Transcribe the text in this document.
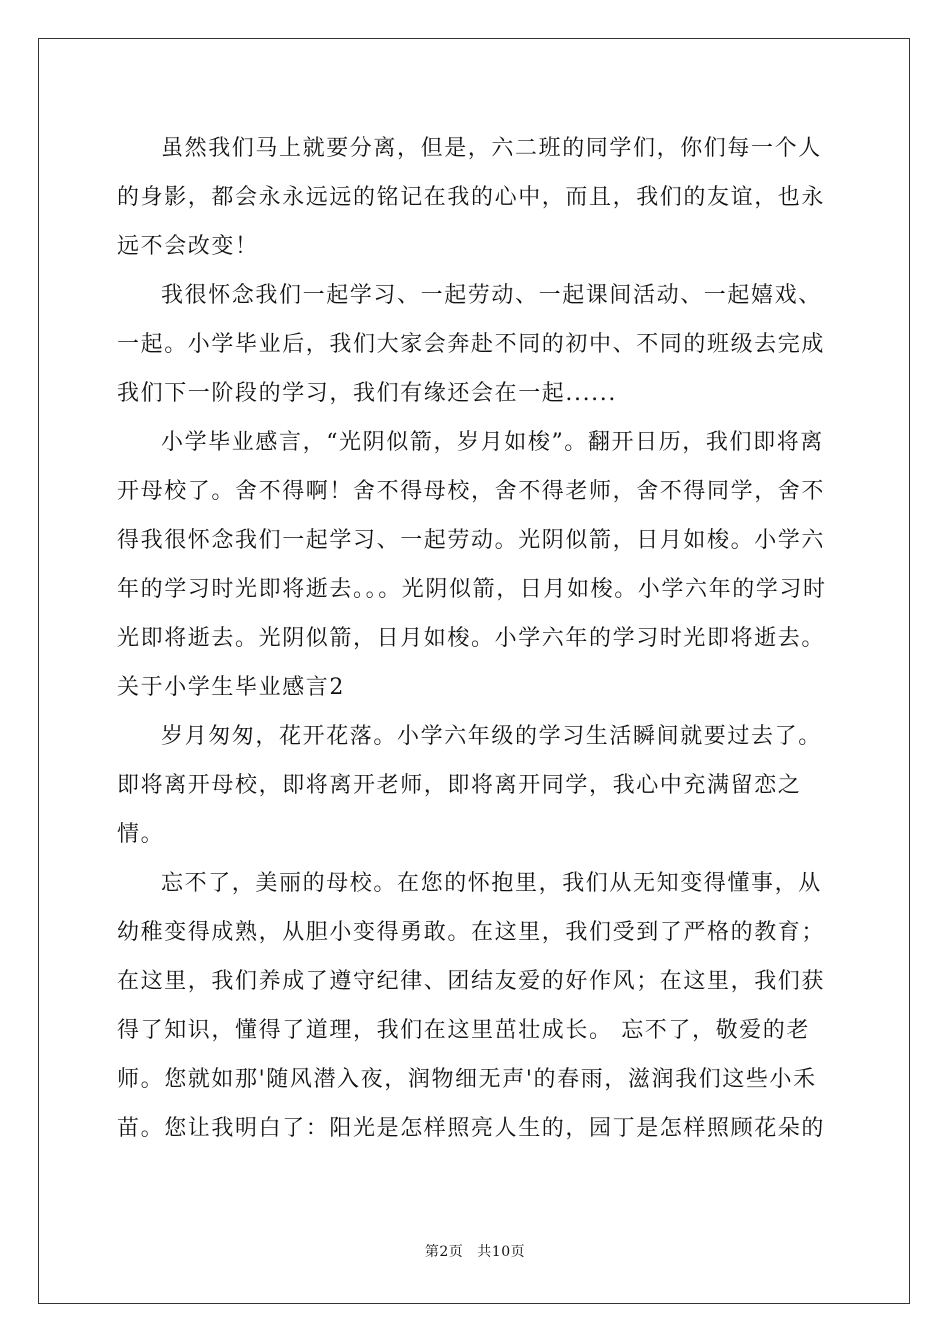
虽然我们马上就要分离，但是，六二班的同学们，你们每一个人的身影，都会永永远远的铭记在我的心中，而且，我们的友谊，也永远不会改变！

我很怀念我们一起学习、一起劳动、一起课间活动、一起嬉戏、一起。小学毕业后，我们大家会奔赴不同的初中、不同的班级去完成我们下一阶段的学习，我们有缘还会在一起......

小学毕业感言，“光阴似箭，岁月如梭”。翻开日历，我们即将离开母校了。舍不得啊！舍不得母校，舍不得老师，舍不得同学，舍不得我很怀念我们一起学习、一起劳动。光阴似箭，日月如梭。小学六年的学习时光即将逝去。。。光阴似箭，日月如梭。小学六年的学习时光即将逝去。光阴似箭，日月如梭。小学六年的学习时光即将逝去。

关于小学生毕业感言2

岁月匆匆，花开花落。小学六年级的学习生活瞬间就要过去了。即将离开母校，即将离开老师，即将离开同学，我心中充满留恋之情。

忘不了，美丽的母校。在您的怀抱里，我们从无知变得懂事，从幼稚变得成熟，从胆小变得勇敢。在这里，我们受到了严格的教育；在这里，我们养成了遵守纪律、团结友爱的好作风；在这里，我们获得了知识，懂得了道理，我们在这里茁壮成长。 忘不了，敬爱的老师。您就如那'随风潜入夜，润物细无声'的春雨，滋润我们这些小禾苗。您让我明白了：阳光是怎样照亮人生的，园丁是怎样照顾花朵的

第2页 共10页
